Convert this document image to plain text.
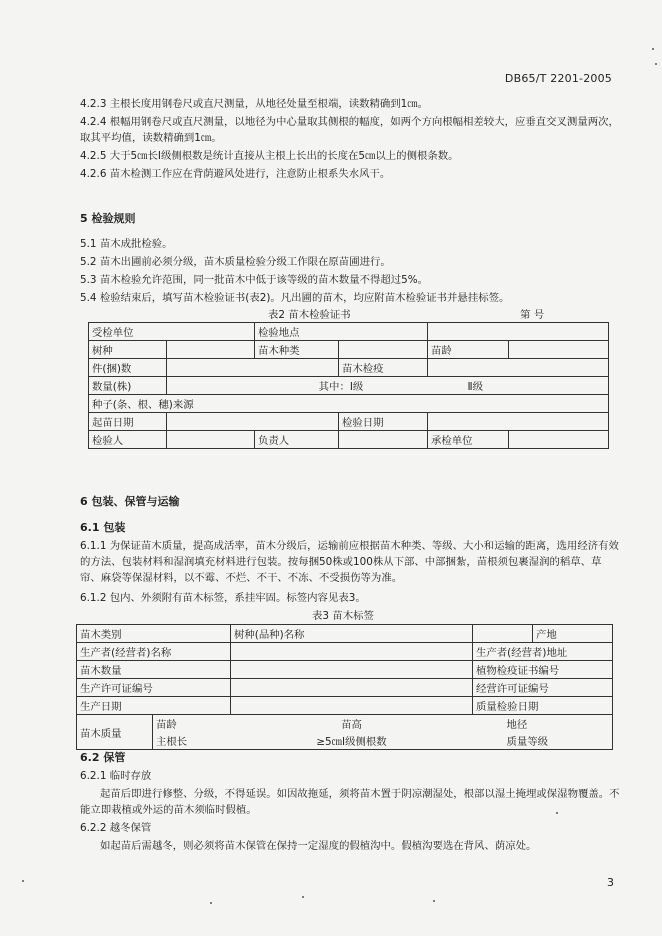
DB65/T 2201-2005
4.2.3 主根长度用钢卷尺或直尺测量，从地径处量至根端，读数精确到1㎝。
4.2.4 根幅用钢卷尺或直尺测量，以地径为中心量取其侧根的幅度，如两个方向根幅相差较大，应垂直交叉测量两次，取其平均值，读数精确到1㎝。
4.2.5 大于5㎝长Ⅰ级侧根数是统计直接从主根上长出的长度在5㎝以上的侧根条数。
4.2.6 苗木检测工作应在背荫避风处进行，注意防止根系失水风干。
5 检验规则
5.1 苗木成批检验。
5.2 苗木出圃前必须分级，苗木质量检验分级工作限在原苗圃进行。
5.3 苗木检验允许范围，同一批苗木中低于该等级的苗木数量不得超过5%。
5.4 检验结束后，填写苗木检验证书(表2)。凡出圃的苗木，均应附苗木检验证书并悬挂标签。
表2 苗木检验证书	第 号
受检单位		检验地点			
树种		苗木种类		苗龄	
件(捆)数			苗木检疫		
数量(株)		其中：Ⅰ级		Ⅱ级	
种子(条、根、穗)来源					
起苗日期			检验日期		
检验人		负责人		承检单位	
6 包装、保管与运输
6.1 包装
6.1.1 为保证苗木质量，提高成活率，苗木分级后，运输前应根据苗木种类、等级、大小和运输的距离，选用经济有效的方法、包装材料和湿润填充材料进行包装。按每捆50株或100株从下部、中部捆紮，苗根须包裹湿润的稻草、草帘、麻袋等保湿材料，以不霉、不烂、不干、不冻、不受损伤等为准。
6.1.2 包内、外须附有苗木标签，系挂牢固。标签内容见表3。
表3 苗木标签
苗木类别		树种(品种)名称		产地
生产者(经营者)名称			生产者(经营者)地址	
苗木数量			植物检疫证书编号	
生产许可证编号			经营许可证编号	
生产日期			质量检验日期	
苗木质量	苗龄	苗高	地径	
	主根长	≥5㎝Ⅰ级侧根数	质量等级	
6.2 保管
6.2.1 临时存放
起苗后即进行修整、分级，不得延误。如因故拖延，须将苗木置于阴凉潮湿处，根部以湿土掩埋或保湿物覆盖。不能立即栽植或外运的苗木须临时假植。
6.2.2 越冬保管
如起苗后需越冬，则必须将苗木保管在保持一定湿度的假植沟中。假植沟要选在背风、荫凉处。
3
